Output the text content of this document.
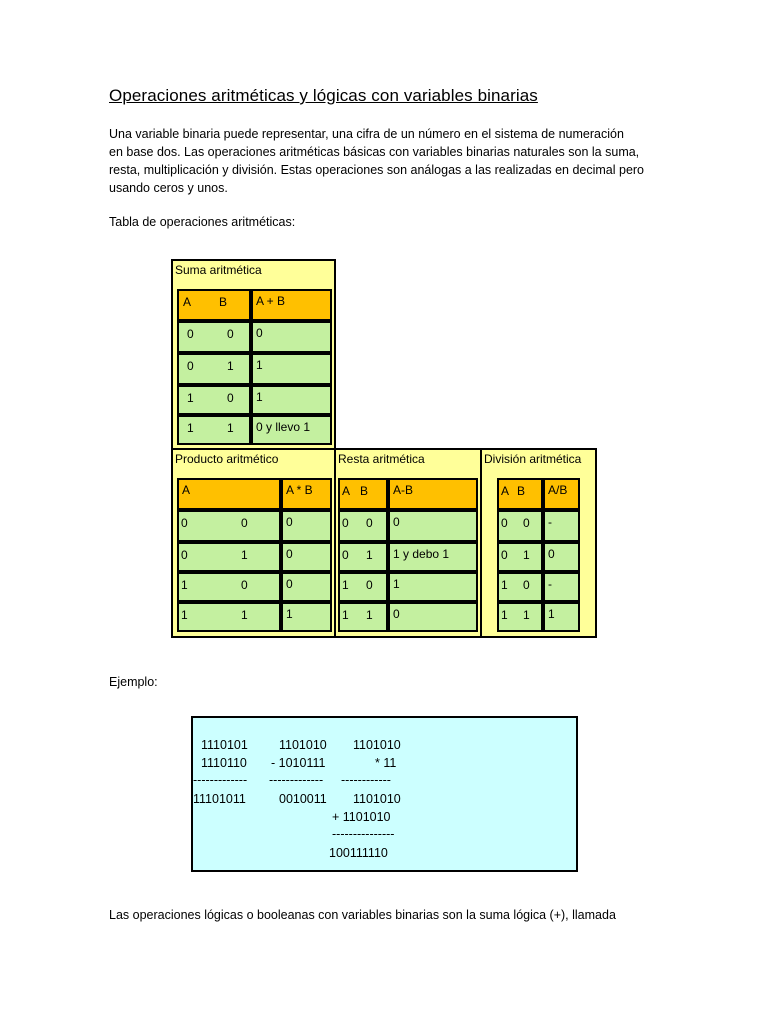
Operaciones aritméticas y lógicas con variables binarias
Una variable binaria puede representar, una cifra de un número en el sistema de numeración
en base dos. Las operaciones aritméticas básicas con variables binarias naturales son la suma,
resta, multiplicación y división. Estas operaciones son análogas a las realizadas en decimal pero
usando ceros y unos.
Tabla de operaciones aritméticas:
Suma aritmética
A B	A + B
0	0	0
0	1	1
1	0	1
1	1	0 y llevo 1
Producto aritmético
A	A * B
0	0	0
0	1	0
1	0	0
1	1	1
Resta aritmética
A B	A-B
0 0	0
0 1	1 y debo 1
1 0	1
1 1	0
División aritmética
A B	A/B
0 0	-
0 1	0
1 0	-
1 1	1
Ejemplo:
1110101 1101010 1101010
1110110 - 1010111	* 11
------------- ------------- ------------
11101011	0010011 1101010
+ 1101010
---------------
100111110
Las operaciones lógicas o booleanas con variables binarias son la suma lógica (+), llamada
